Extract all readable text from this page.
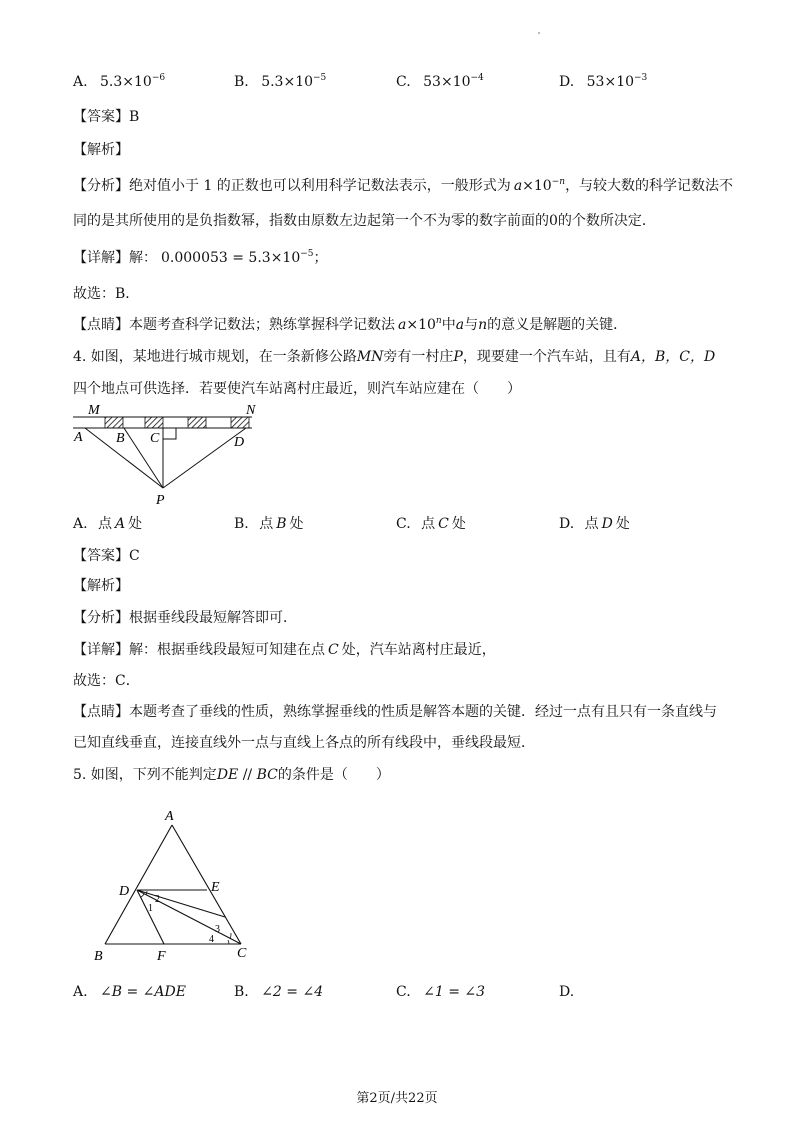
A. $5.3\times 10^{-6}$	B. $5.3\times 10^{-5}$	C. $53\times 10^{-4}$	D. $53\times 10^{-3}$
【答案】B
【解析】
【分析】绝对值小于 1 的正数也可以利用科学记数法表示，一般形式为 $a\times 10^{-n}$，与较大数的科学记数法不
同的是其所使用的是负指数幂，指数由原数左边起第一个不为零的数字前面的0的个数所决定．
【详解】解： $0.000053 = 5.3\times 10^{-5}$；
故选：B．
【点睛】本题考查科学记数法；熟练掌握科学记数法 $a\times 10^n$中a与n的意义是解题的关键．
4. 如图，某地进行城市规划，在一条新修公路MN旁有一村庄P，现要建一个汽车站，且有A，B，C，D
四个地点可供选择．若要使汽车站离村庄最近，则汽车站应建在（　　）
M	N
A B C	D
P
A. 点 A 处	B. 点 B 处	C. 点 C 处	D. 点 D 处
【答案】C
【解析】
【分析】根据垂线段最短解答即可．
【详解】解：根据垂线段最短可知建在点 C 处，汽车站离村庄最近，
故选：C．
【点睛】本题考查了垂线的性质，熟练掌握垂线的性质是解答本题的关键．经过一点有且只有一条直线与
已知直线垂直，连接直线外一点与直线上各点的所有线段中，垂线段最短．
5. 如图，下列不能判定DE // BC的条件是（　　）
A
D	E
B	F	C
2
1
3
4
A. ∠B = ∠ADE	B. ∠2 = ∠4	C. ∠1 = ∠3	D.
第2页/共22页
